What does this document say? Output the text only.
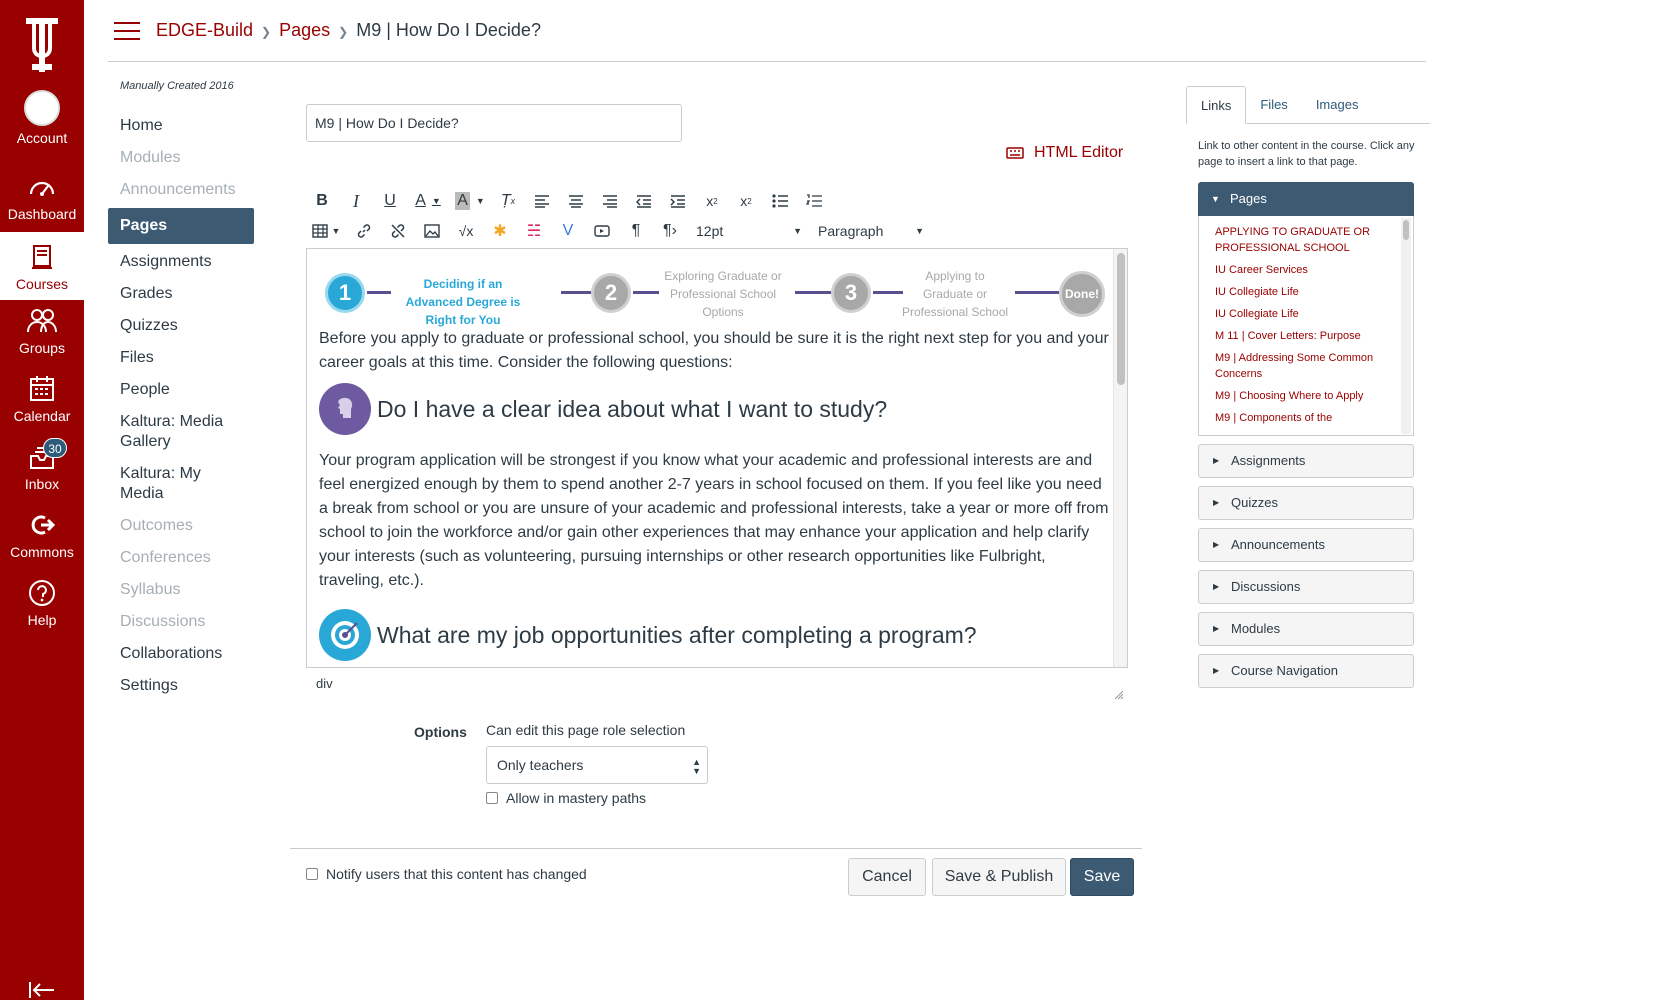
Account
Dashboard
Courses
Groups
Calendar
30
Inbox
Commons
Help
EDGE-Build ❯ Pages ❯ M9 | How Do I Decide?
Manually Created 2016
Home
Modules
Announcements
Pages
Assignments
Grades
Quizzes
Files
People
Kaltura: Media Gallery
Kaltura: My Media
Outcomes
Conferences
Syllabus
Discussions
Collaborations
Settings
M9 | How Do I Decide?
HTML Editor
B	I	U	A ▼ A ▼	Ṭ x	x 2	x 2
▼	√x	✱	☵	V	¶	¶›	12pt	▼ Paragraph	▼
1	Deciding if an Advanced Degree is Right for You
2
Exploring Graduate or Professional School Options
3
Applying to Graduate or Professional School
Done!

Before you apply to graduate or professional school, you should be sure it is the right next step for you and your career goals at this time. Consider the following questions:

Do I have a clear idea about what I want to study?

Your program application will be strongest if you know what your academic and professional interests are and feel energized enough by them to spend another 2-7 years in school focused on them. If you feel like you need a break from school or you are unsure of your academic and professional interests, take a year or more off from school to join the workforce and/or gain other experiences that may enhance your application and help clarify your interests (such as volunteering, pursuing internships or other research opportunities like Fulbright, traveling, etc.).

What are my job opportunities after completing a program?
div
Options Can edit this page role selection
Only teachers	▲
▼
Allow in mastery paths
Notify users that this content has changed	Cancel	Save & Publish	Save
Links	Files	Images
Link to other content in the course. Click any page to insert a link to that page.
▼ Pages
APPLYING TO GRADUATE OR PROFESSIONAL SCHOOL
IU Career Services
IU Collegiate Life
IU Collegiate Life
M 11 | Cover Letters: Purpose
M9 | Addressing Some Common Concerns
M9 | Choosing Where to Apply
M9 | Components of the
▶ Assignments
▶ Quizzes
▶ Announcements
▶ Discussions
▶ Modules
▶ Course Navigation
